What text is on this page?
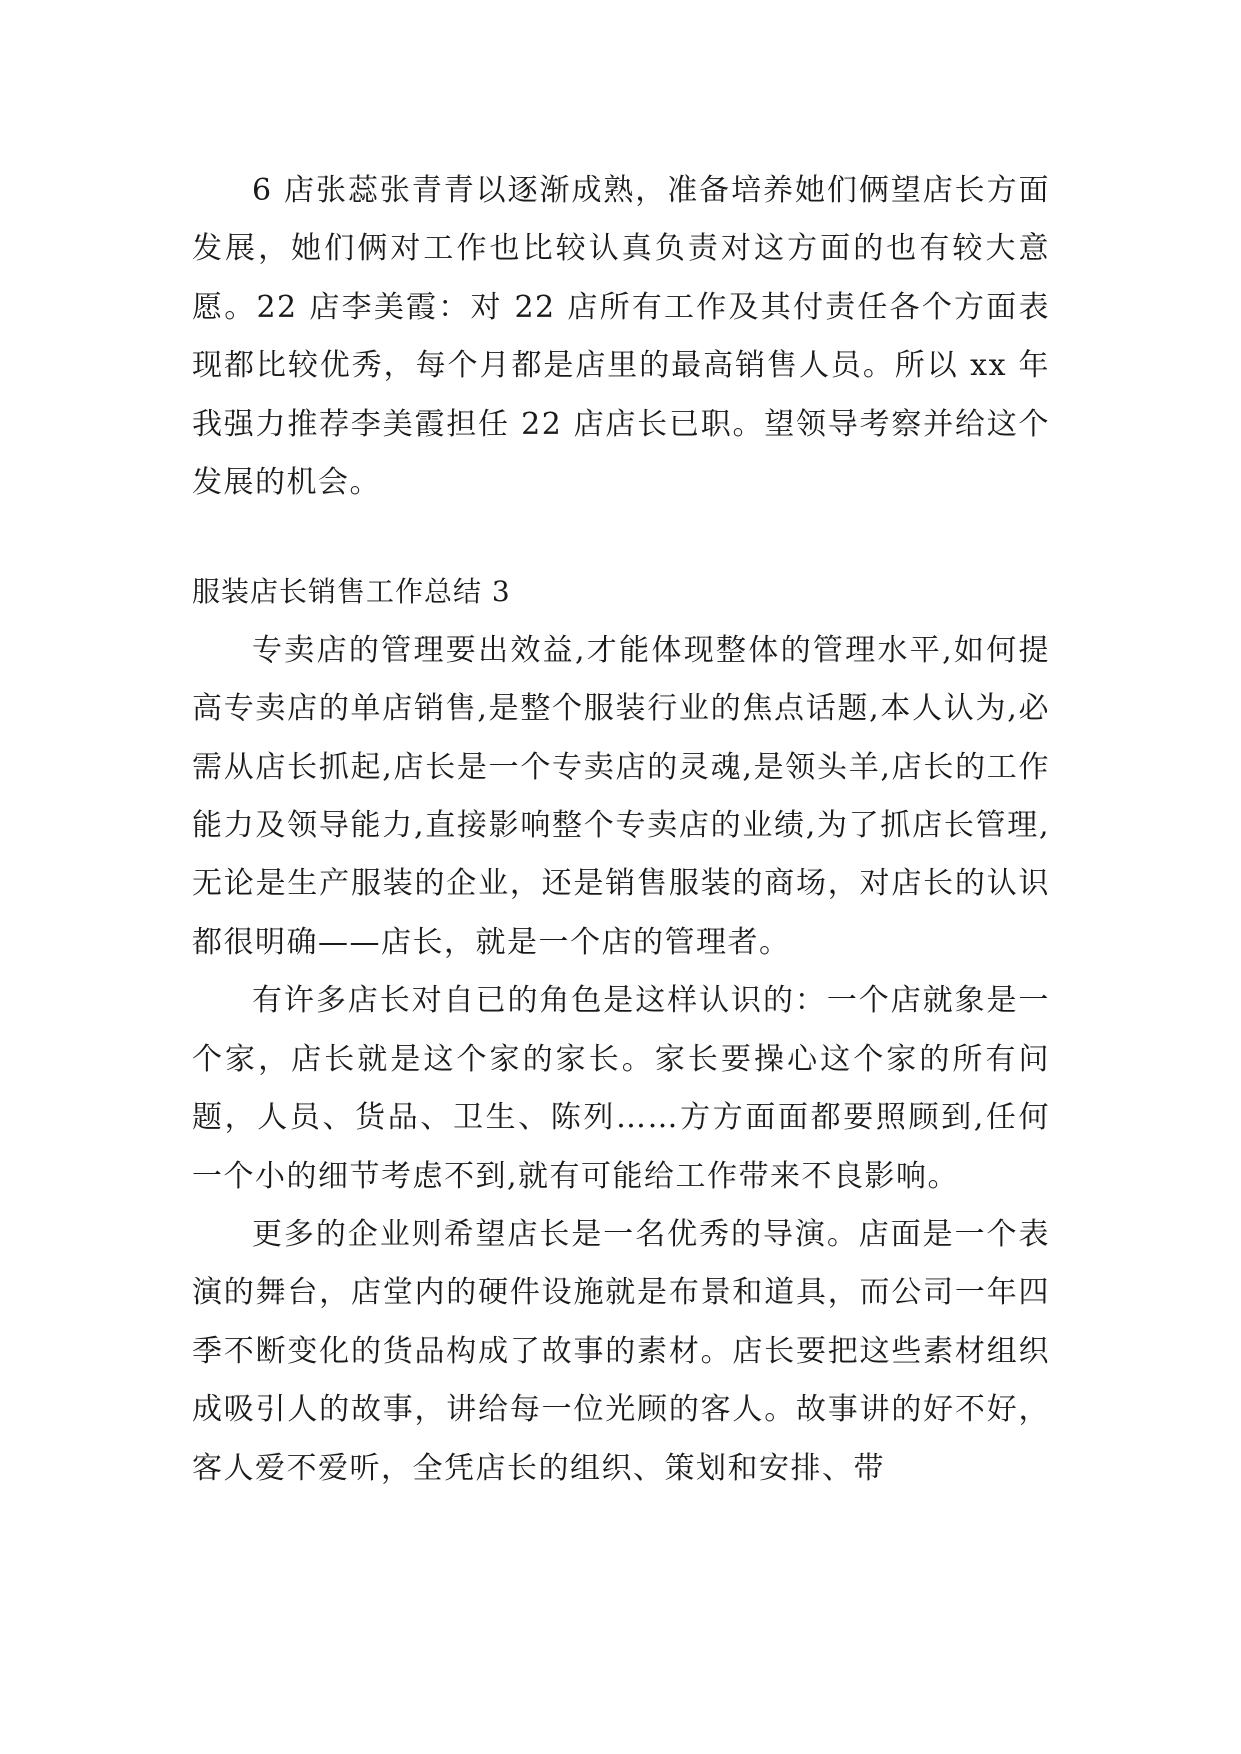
6 店张蕊张青青以逐渐成熟，准备培养她们俩望店长方面发展，她们俩对工作也比较认真负责对这方面的也有较大意愿。22 店李美霞：对 22 店所有工作及其付责任各个方面表现都比较优秀，每个月都是店里的最高销售人员。所以 xx 年我强力推荐李美霞担任 22 店店长已职。望领导考察并给这个发展的机会。

服装店长销售工作总结 3

专卖店的管理要出效益,才能体现整体的管理水平,如何提高专卖店的单店销售,是整个服装行业的焦点话题,本人认为,必需从店长抓起,店长是一个专卖店的灵魂,是领头羊,店长的工作能力及领导能力,直接影响整个专卖店的业绩,为了抓店长管理,无论是生产服装的企业，还是销售服装的商场，对店长的认识都很明确——店长，就是一个店的管理者。

有许多店长对自已的角色是这样认识的：一个店就象是一个家，店长就是这个家的家长。家长要操心这个家的所有问题，人员、货品、卫生、陈列……方方面面都要照顾到,任何一个小的细节考虑不到,就有可能给工作带来不良影响。

更多的企业则希望店长是一名优秀的导演。店面是一个表演的舞台，店堂内的硬件设施就是布景和道具，而公司一年四季不断变化的货品构成了故事的素材。店长要把这些素材组织成吸引人的故事，讲给每一位光顾的客人。故事讲的好不好，客人爱不爱听，全凭店长的组织、策划和安排、带
